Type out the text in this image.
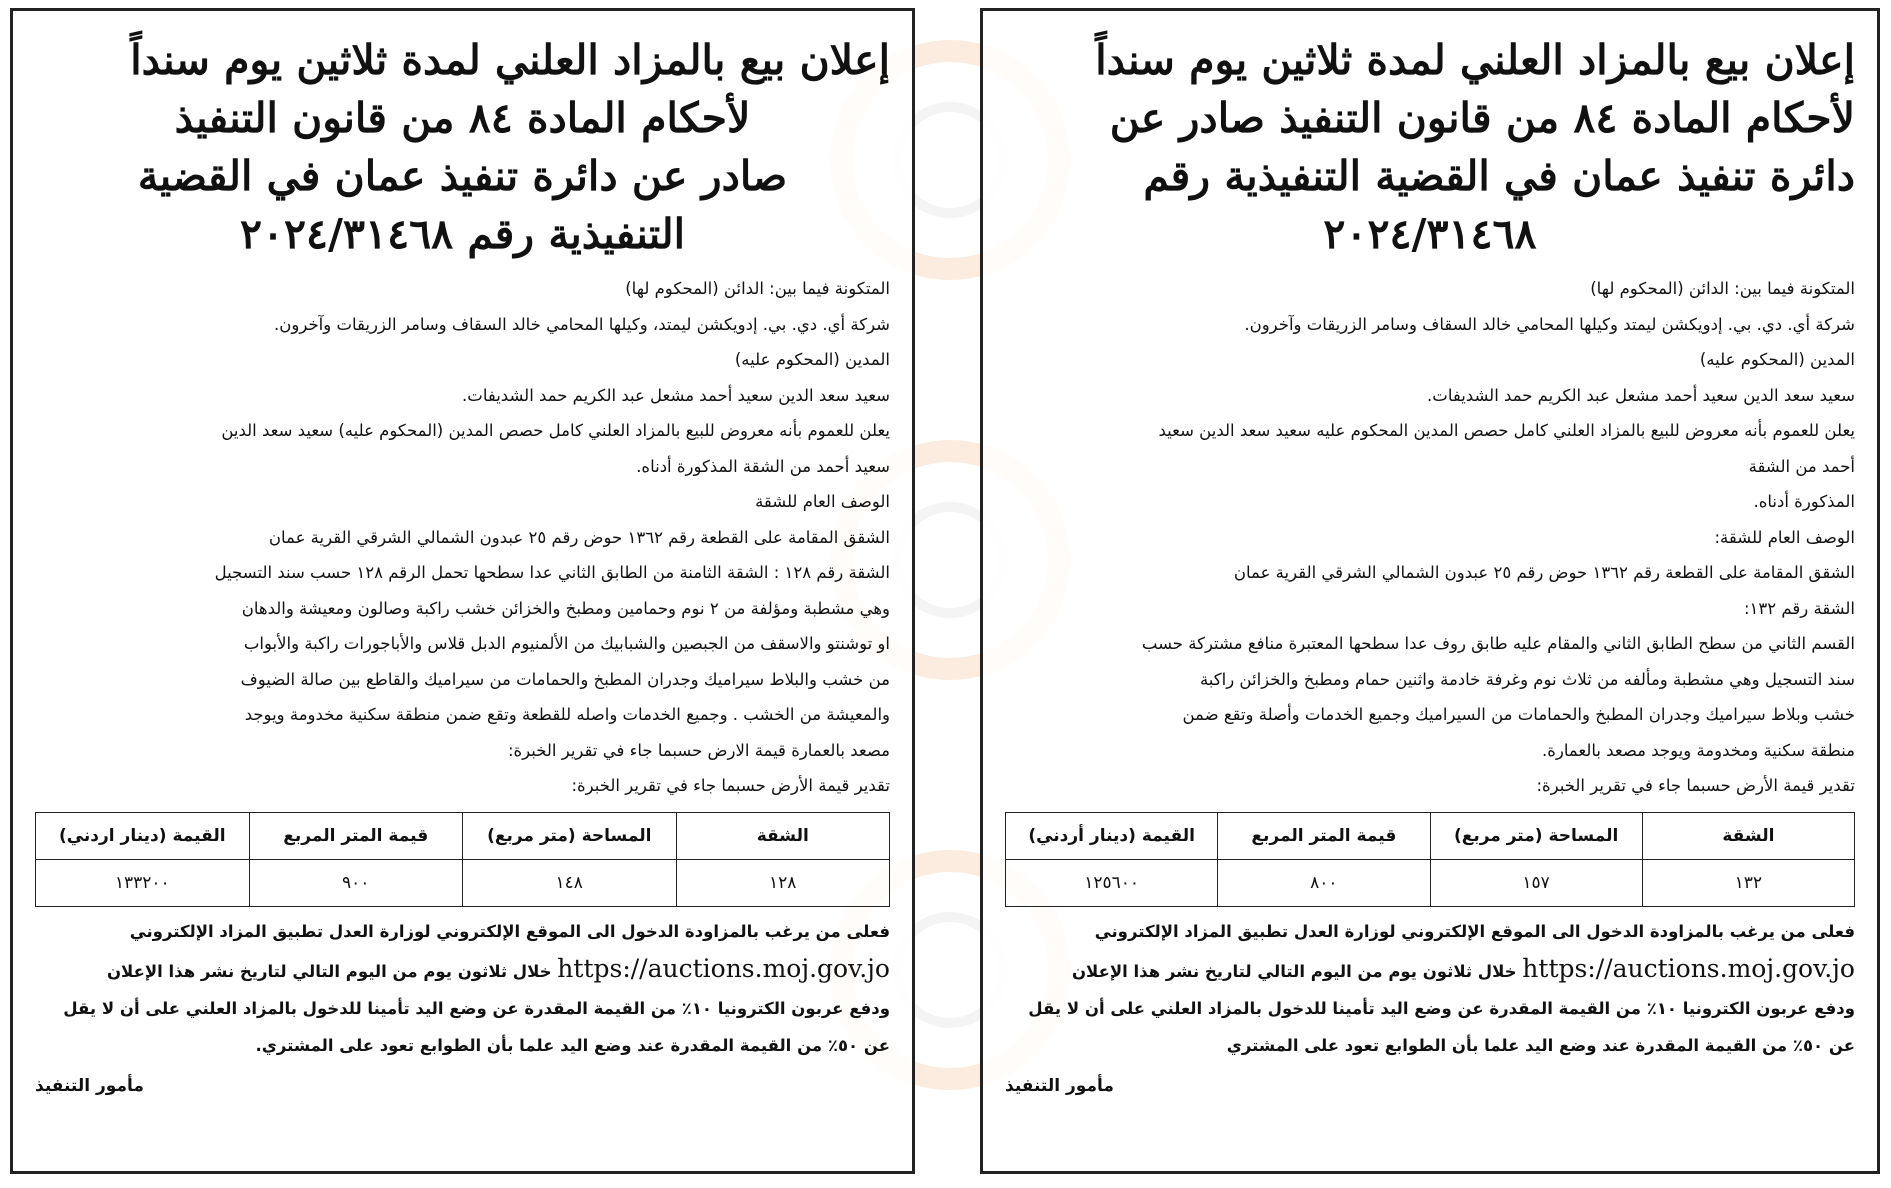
إعلان بيع بالمزاد العلني لمدة ثلاثين يوم سنداً
لأحكام المادة ٨٤ من قانون التنفيذ صادر عن
دائرة تنفيذ عمان في القضية التنفيذية رقم
٢٠٢٤/٣١٤٦٨

المتكونة فيما بين: الدائن (المحكوم لها)

شركة أي. دي. بي. إدويكشن ليمتد وكيلها المحامي خالد السقاف وسامر الزريقات وآخرون.

المدين (المحكوم عليه)

سعيد سعد الدين سعيد أحمد مشعل عبد الكريم حمد الشديفات.

يعلن للعموم بأنه معروض للبيع بالمزاد العلني كامل حصص المدين المحكوم عليه سعيد سعد الدين سعيد

أحمد من الشقة

المذكورة أدناه.

الوصف العام للشقة:

الشقق المقامة على القطعة رقم ١٣٦٢ حوض رقم ٢٥ عبدون الشمالي الشرقي القرية عمان

الشقة رقم ١٣٢:

القسم الثاني من سطح الطابق الثاني والمقام عليه طابق روف عدا سطحها المعتبرة منافع مشتركة حسب

سند التسجيل وهي مشطبة ومألفه من ثلاث نوم وغرفة خادمة واثنين حمام ومطبخ والخزائن راكبة

خشب وبلاط سيراميك وجدران المطبخ والحمامات من السيراميك وجميع الخدمات وأصلة وتقع ضمن

منطقة سكنية ومخدومة ويوجد مصعد بالعمارة.

تقدير قيمة الأرض حسبما جاء في تقرير الخبرة:

الشقة	المساحة (متر مربع)	قيمة المتر المربع	القيمة (دينار أردني)
١٣٢	١٥٧	٨٠٠	١٢٥٦٠٠

فعلى من يرغب بالمزاودة الدخول الى الموقع الإلكتروني لوزارة العدل تطبيق المزاد الإلكتروني

https://auctions.moj.gov.jo خلال ثلاثون يوم من اليوم التالي لتاريخ نشر هذا الإعلان

ودفع عربون الكترونيا ١٠٪ من القيمة المقدرة عن وضع اليد تأمينا للدخول بالمزاد العلني على أن لا يقل

عن ٥٠٪ من القيمة المقدرة عند وضع اليد علما بأن الطوابع تعود على المشتري

مأمور التنفيذ
إعلان بيع بالمزاد العلني لمدة ثلاثين يوم سنداً
لأحكام المادة ٨٤ من قانون التنفيذ
صادر عن دائرة تنفيذ عمان في القضية
التنفيذية رقم ٢٠٢٤/٣١٤٦٨

المتكونة فيما بين: الدائن (المحكوم لها)

شركة أي. دي. بي. إدويكشن ليمتد، وكيلها المحامي خالد السقاف وسامر الزريقات وآخرون.

المدين (المحكوم عليه)

سعيد سعد الدين سعيد أحمد مشعل عبد الكريم حمد الشديفات.

يعلن للعموم بأنه معروض للبيع بالمزاد العلني كامل حصص المدين (المحكوم عليه) سعيد سعد الدين

سعيد أحمد من الشقة المذكورة أدناه.

الوصف العام للشقة

الشقق المقامة على القطعة رقم ١٣٦٢ حوض رقم ٢٥ عبدون الشمالي الشرقي القرية عمان

الشقة رقم ١٢٨ : الشقة الثامنة من الطابق الثاني عدا سطحها تحمل الرقم ١٢٨ حسب سند التسجيل

وهي مشطبة ومؤلفة من ٢ نوم وحمامين ومطبخ والخزائن خشب راكبة وصالون ومعيشة والدهان

او توشنتو والاسقف من الجبصين والشبابيك من الألمنيوم الدبل قلاس والأباجورات راكبة والأبواب

من خشب والبلاط سيراميك وجدران المطبخ والحمامات من سيراميك والقاطع بين صالة الضيوف

والمعيشة من الخشب . وجميع الخدمات واصله للقطعة وتقع ضمن منطقة سكنية مخدومة ويوجد

مصعد بالعمارة قيمة الارض حسبما جاء في تقرير الخبرة:

تقدير قيمة الأرض حسبما جاء في تقرير الخبرة:

الشقة	المساحة (متر مربع)	قيمة المتر المربع	القيمة (دينار اردني)
١٢٨	١٤٨	٩٠٠	١٣٣٢٠٠

فعلى من يرغب بالمزاودة الدخول الى الموقع الإلكتروني لوزارة العدل تطبيق المزاد الإلكتروني

https://auctions.moj.gov.jo خلال ثلاثون يوم من اليوم التالي لتاريخ نشر هذا الإعلان

ودفع عربون الكترونيا ١٠٪ من القيمة المقدرة عن وضع اليد تأمينا للدخول بالمزاد العلني على أن لا يقل

عن ٥٠٪ من القيمة المقدرة عند وضع اليد علما بأن الطوابع تعود على المشتري.

مأمور التنفيذ
